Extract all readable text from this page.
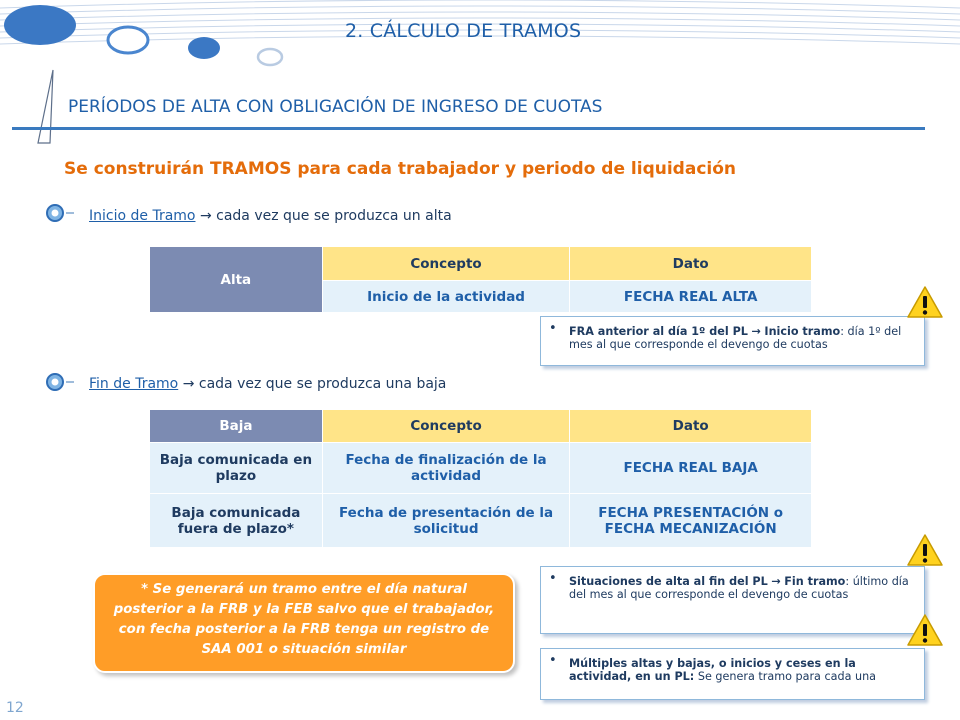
2. CÁLCULO DE TRAMOS
PERÍODOS DE ALTA CON OBLIGACIÓN DE INGRESO DE CUOTAS
Se construirán TRAMOS para cada trabajador y periodo de liquidación
Inicio de Tramo → cada vez que se produzca un alta
Alta	Concepto	Dato
	Inicio de la actividad	FECHA REAL ALTA
• FRA anterior al día 1º del PL → Inicio tramo: día 1º del mes al que corresponde el devengo de cuotas
Fin de Tramo → cada vez que se produzca una baja
Baja	Concepto	Dato
Baja comunicada en plazo	Fecha de finalización de la actividad	FECHA REAL BAJA
Baja comunicada fuera de plazo*	Fecha de presentación de la solicitud	FECHA PRESENTACIÓN o FECHA MECANIZACIÓN
* Se generará un tramo entre el día natural posterior a la FRB y la FEB salvo que el trabajador, con fecha posterior a la FRB tenga un registro de SAA 001 o situación similar
• Situaciones de alta al fin del PL → Fin tramo: último día del mes al que corresponde el devengo de cuotas
• Múltiples altas y bajas, o inicios y ceses en la actividad, en un PL: Se genera tramo para cada una
12
